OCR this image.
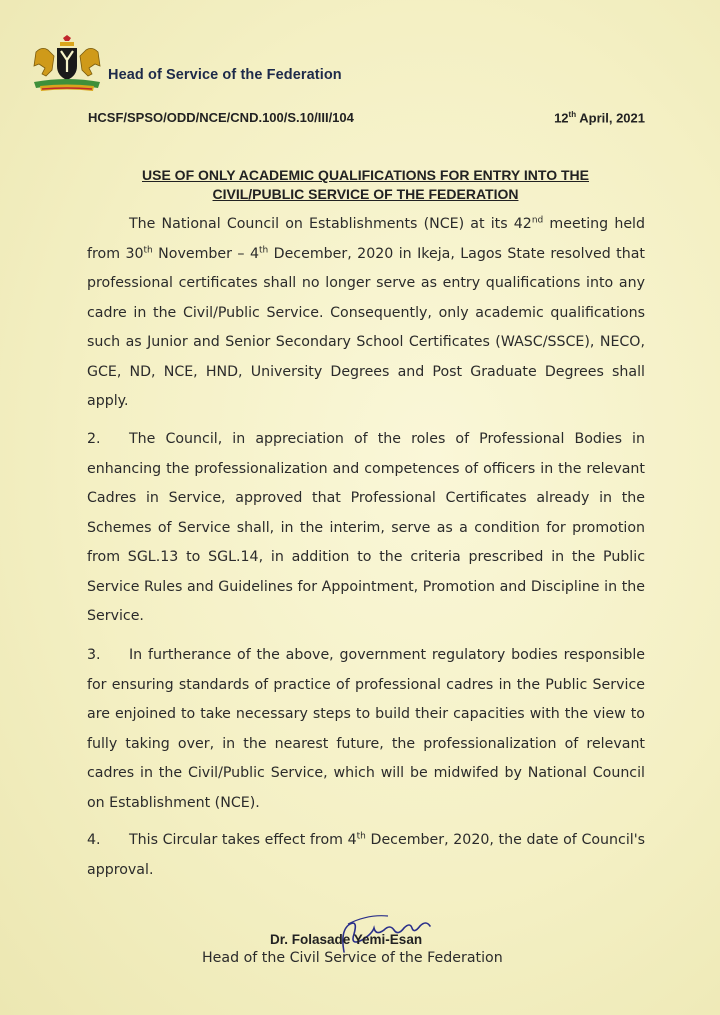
Head of Service of the Federation
HCSF/SPSO/ODD/NCE/CND.100/S.10/III/104	12th April, 2021
USE OF ONLY ACADEMIC QUALIFICATIONS FOR ENTRY INTO THE
CIVIL/PUBLIC SERVICE OF THE FEDERATION
The National Council on Establishments (NCE) at its 42nd meeting held from 30th November – 4th December, 2020 in Ikeja, Lagos State resolved that professional certificates shall no longer serve as entry qualifications into any cadre in the Civil/Public Service. Consequently, only academic qualifications such as Junior and Senior Secondary School Certificates (WASC/SSCE), NECO, GCE, ND, NCE, HND, University Degrees and Post Graduate Degrees shall apply.
2. The Council, in appreciation of the roles of Professional Bodies in enhancing the professionalization and competences of officers in the relevant Cadres in Service, approved that Professional Certificates already in the Schemes of Service shall, in the interim, serve as a condition for promotion from SGL.13 to SGL.14, in addition to the criteria prescribed in the Public Service Rules and Guidelines for Appointment, Promotion and Discipline in the Service.
3. In furtherance of the above, government regulatory bodies responsible for ensuring standards of practice of professional cadres in the Public Service are enjoined to take necessary steps to build their capacities with the view to fully taking over, in the nearest future, the professionalization of relevant cadres in the Civil/Public Service, which will be midwifed by National Council on Establishment (NCE).
4. This Circular takes effect from 4th December, 2020, the date of Council's approval.
Dr. Folasade Yemi-Esan
Head of the Civil Service of the Federation
